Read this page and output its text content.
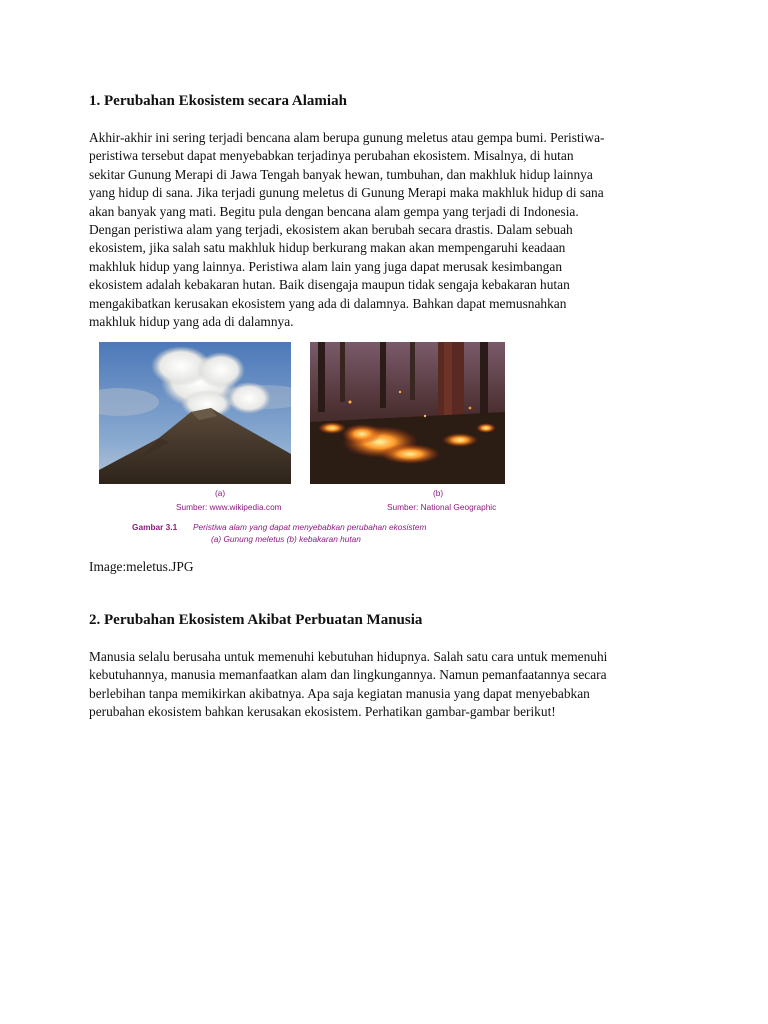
1. Perubahan Ekosistem secara Alamiah

Akhir-akhir ini sering terjadi bencana alam berupa gunung meletus atau gempa bumi. Peristiwa-

peristiwa tersebut dapat menyebabkan terjadinya perubahan ekosistem. Misalnya, di hutan

sekitar Gunung Merapi di Jawa Tengah banyak hewan, tumbuhan, dan makhluk hidup lainnya

yang hidup di sana. Jika terjadi gunung meletus di Gunung Merapi maka makhluk hidup di sana

akan banyak yang mati. Begitu pula dengan bencana alam gempa yang terjadi di Indonesia.

Dengan peristiwa alam yang terjadi, ekosistem akan berubah secara drastis. Dalam sebuah

ekosistem, jika salah satu makhluk hidup berkurang makan akan mempengaruhi keadaan

makhluk hidup yang lainnya. Peristiwa alam lain yang juga dapat merusak kesimbangan

ekosistem adalah kebakaran hutan. Baik disengaja maupun tidak sengaja kebakaran hutan

mengakibatkan kerusakan ekosistem yang ada di dalamnya. Bahkan dapat memusnahkan

makhluk hidup yang ada di dalamnya.

(a)	(b)
Sumber: www.wikipedia.com	Sumber: National Geographic
Gambar 3.1 Peristiwa alam yang dapat menyebabkan perubahan ekosistem
(a) Gunung meletus (b) kebakaran hutan
Image:meletus.JPG
2. Perubahan Ekosistem Akibat Perbuatan Manusia

Manusia selalu berusaha untuk memenuhi kebutuhan hidupnya. Salah satu cara untuk memenuhi

kebutuhannya, manusia memanfaatkan alam dan lingkungannya. Namun pemanfaatannya secara

berlebihan tanpa memikirkan akibatnya. Apa saja kegiatan manusia yang dapat menyebabkan

perubahan ekosistem bahkan kerusakan ekosistem. Perhatikan gambar-gambar berikut!
